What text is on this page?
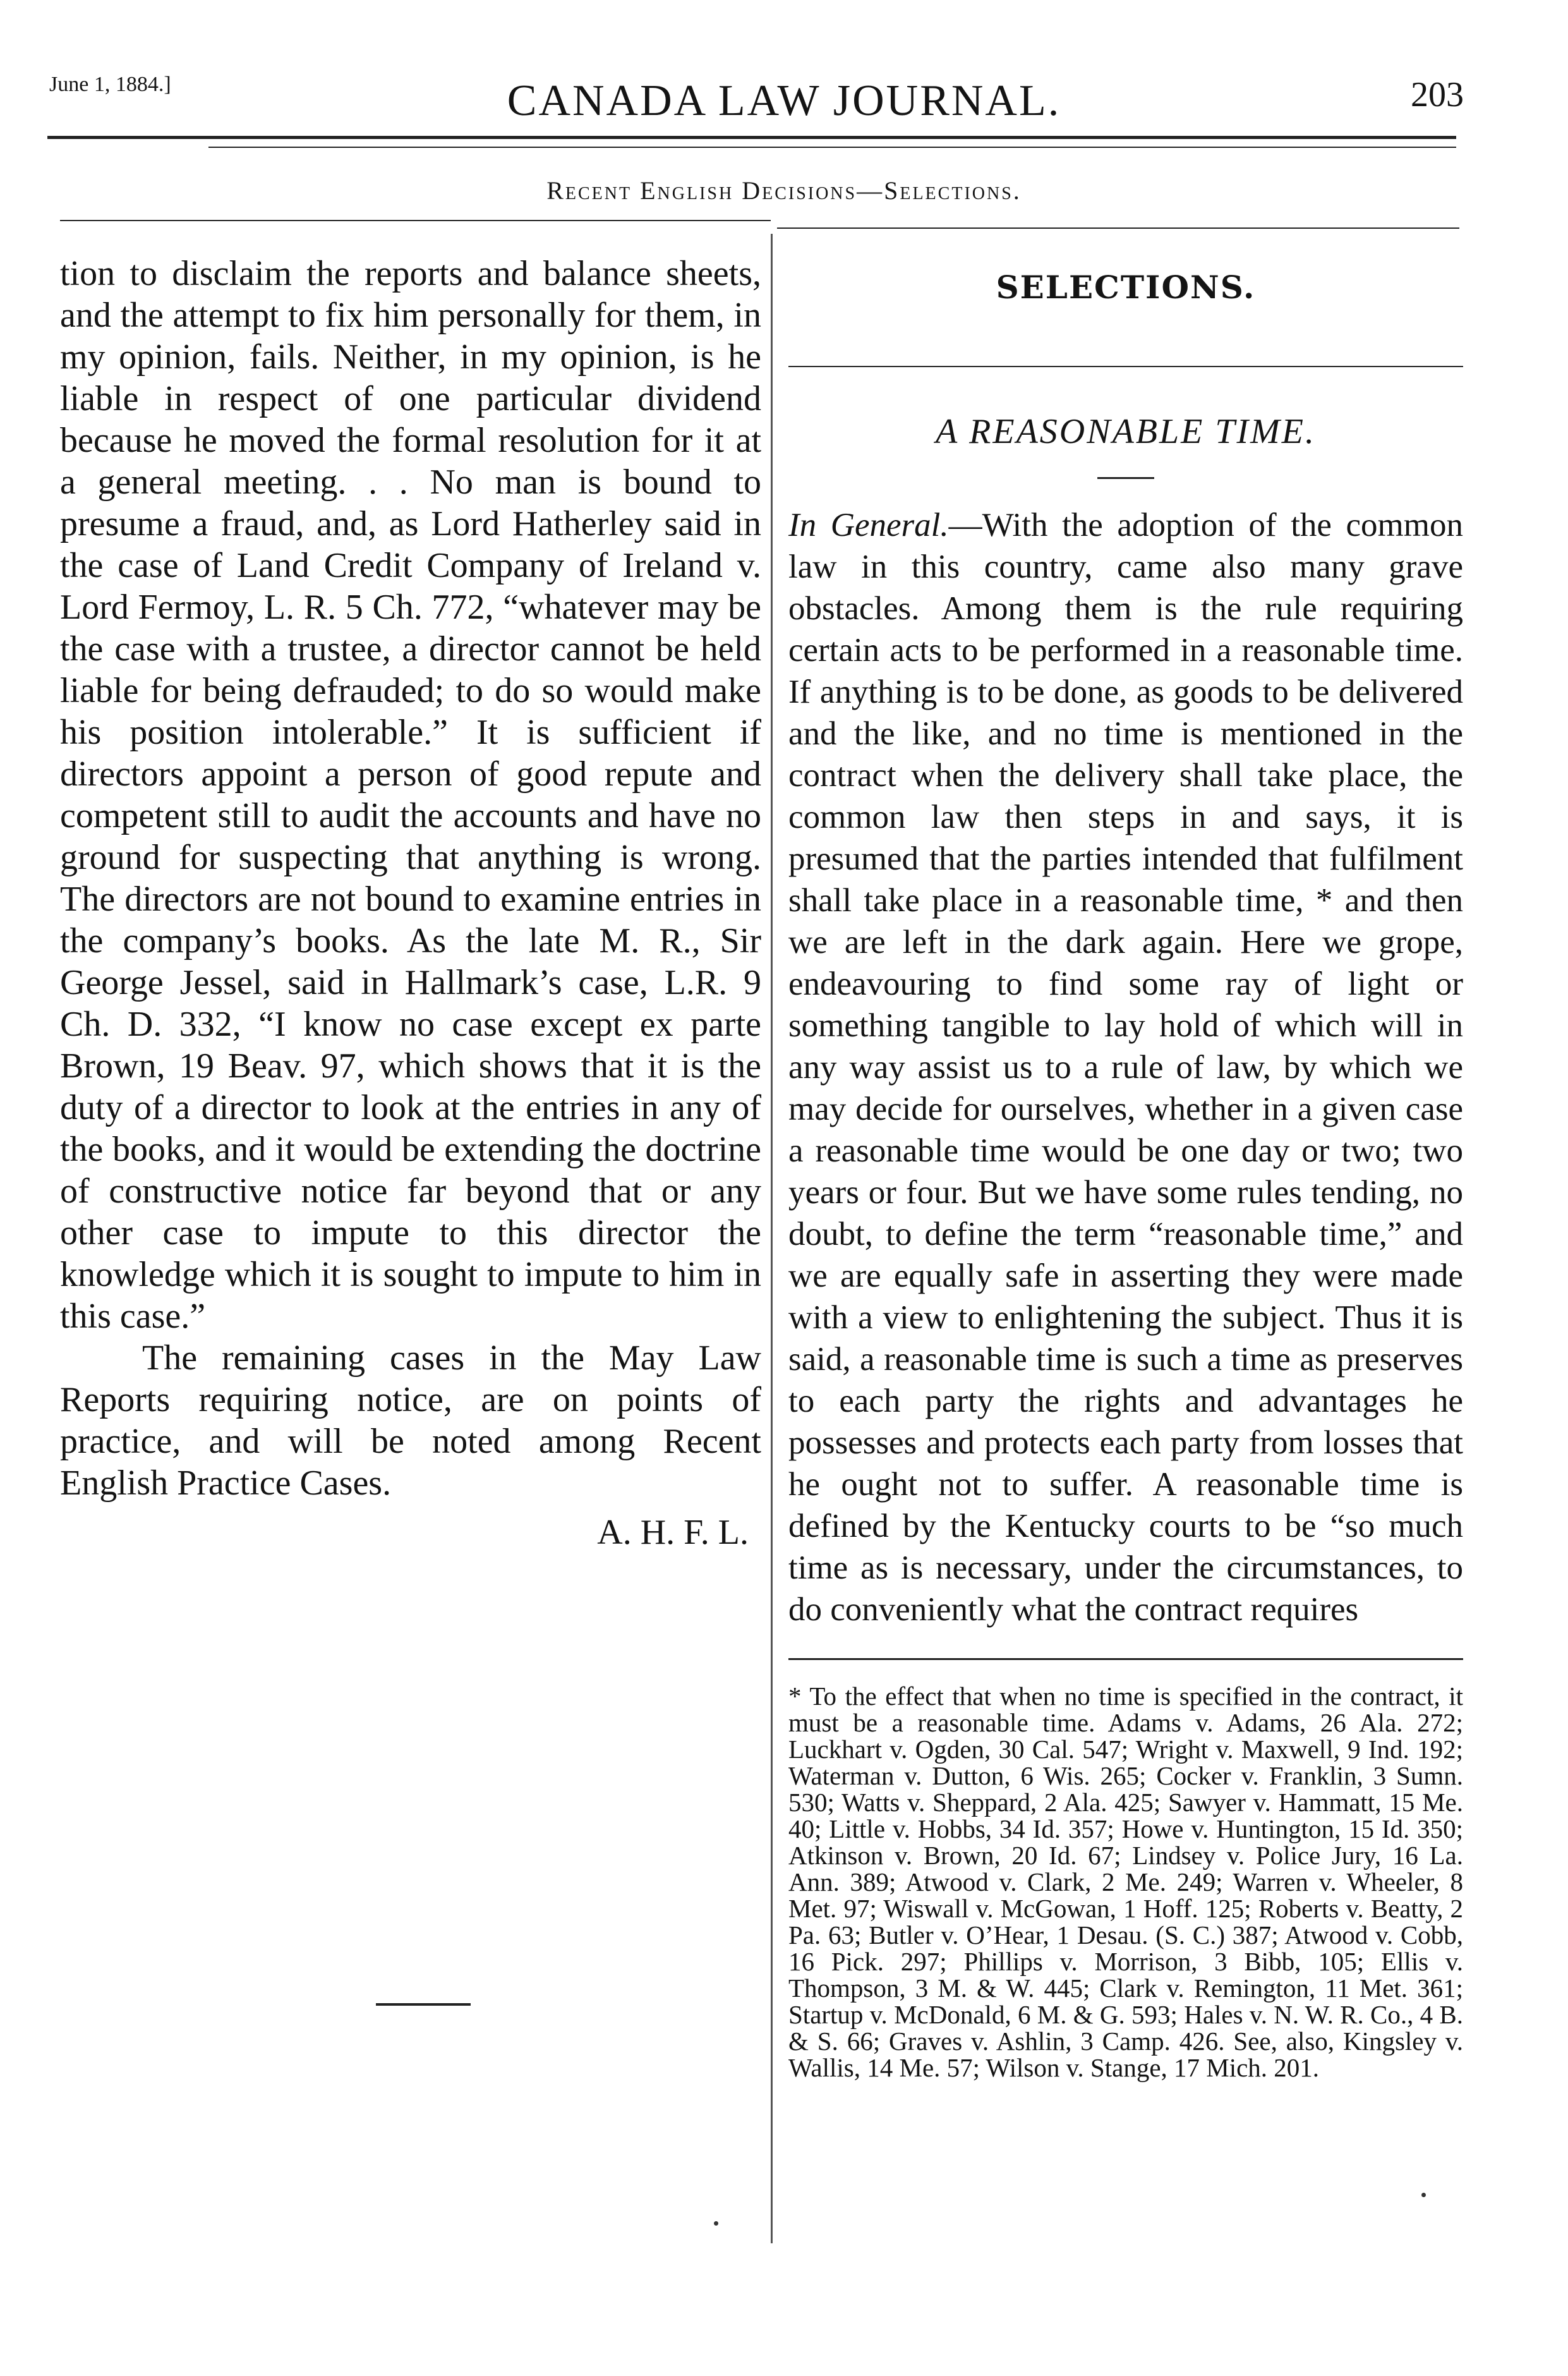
June 1, 1884.]	CANADA LAW JOURNAL.	203
Recent English Decisions—Selections.

tion to disclaim the reports and balance sheets, and the attempt to fix him personally for them, in my opinion, fails. Neither, in my opinion, is he liable in respect of one particular dividend because he moved the formal resolution for it at a general meeting. . . No man is bound to presume a fraud, and, as Lord Hatherley said in the case of Land Credit Company of Ireland v. Lord Fermoy, L. R. 5 Ch. 772, “whatever may be the case with a trustee, a director cannot be held liable for being defrauded; to do so would make his position intolerable.” It is sufficient if directors appoint a person of good repute and competent still to audit the accounts and have no ground for suspecting that anything is wrong. The directors are not bound to examine entries in the company’s books. As the late M. R., Sir George Jessel, said in Hallmark’s case, L.R. 9 Ch. D. 332, “I know no case except ex parte Brown, 19 Beav. 97, which shows that it is the duty of a director to look at the entries in any of the books, and it would be extending the doctrine of constructive notice far beyond that or any other case to impute to this director the knowledge which it is sought to impute to him in this case.”

The remaining cases in the May Law Reports requiring notice, are on points of practice, and will be noted among Recent English Practice Cases.

A. H. F. L.
SELECTIONS.
A REASONABLE TIME.

In General.—With the adoption of the common law in this country, came also many grave obstacles. Among them is the rule requiring certain acts to be performed in a reasonable time. If anything is to be done, as goods to be delivered and the like, and no time is mentioned in the contract when the delivery shall take place, the common law then steps in and says, it is presumed that the parties intended that fulfilment shall take place in a reasonable time, * and then we are left in the dark again. Here we grope, endeavouring to find some ray of light or something tangible to lay hold of which will in any way assist us to a rule of law, by which we may decide for ourselves, whether in a given case a reasonable time would be one day or two; two years or four. But we have some rules tending, no doubt, to define the term “reasonable time,” and we are equally safe in asserting they were made with a view to enlightening the subject. Thus it is said, a reasonable time is such a time as preserves to each party the rights and advantages he possesses and protects each party from losses that he ought not to suffer. A reasonable time is defined by the Kentucky courts to be “so much time as is necessary, under the circumstances, to do conveniently what the contract requires

* To the effect that when no time is specified in the contract, it must be a reasonable time. Adams v. Adams, 26 Ala. 272; Luckhart v. Ogden, 30 Cal. 547; Wright v. Maxwell, 9 Ind. 192; Waterman v. Dutton, 6 Wis. 265; Cocker v. Franklin, 3 Sumn. 530; Watts v. Sheppard, 2 Ala. 425; Sawyer v. Hammatt, 15 Me. 40; Little v. Hobbs, 34 Id. 357; Howe v. Huntington, 15 Id. 350; Atkinson v. Brown, 20 Id. 67; Lindsey v. Police Jury, 16 La. Ann. 389; Atwood v. Clark, 2 Me. 249; Warren v. Wheeler, 8 Met. 97; Wiswall v. McGowan, 1 Hoff. 125; Roberts v. Beatty, 2 Pa. 63; Butler v. O’Hear, 1 Desau. (S. C.) 387; Atwood v. Cobb, 16 Pick. 297; Phillips v. Morrison, 3 Bibb, 105; Ellis v. Thompson, 3 M. & W. 445; Clark v. Remington, 11 Met. 361; Startup v. McDonald, 6 M. & G. 593; Hales v. N. W. R. Co., 4 B. & S. 66; Graves v. Ashlin, 3 Camp. 426. See, also, Kingsley v. Wallis, 14 Me. 57; Wilson v. Stange, 17 Mich. 201.
